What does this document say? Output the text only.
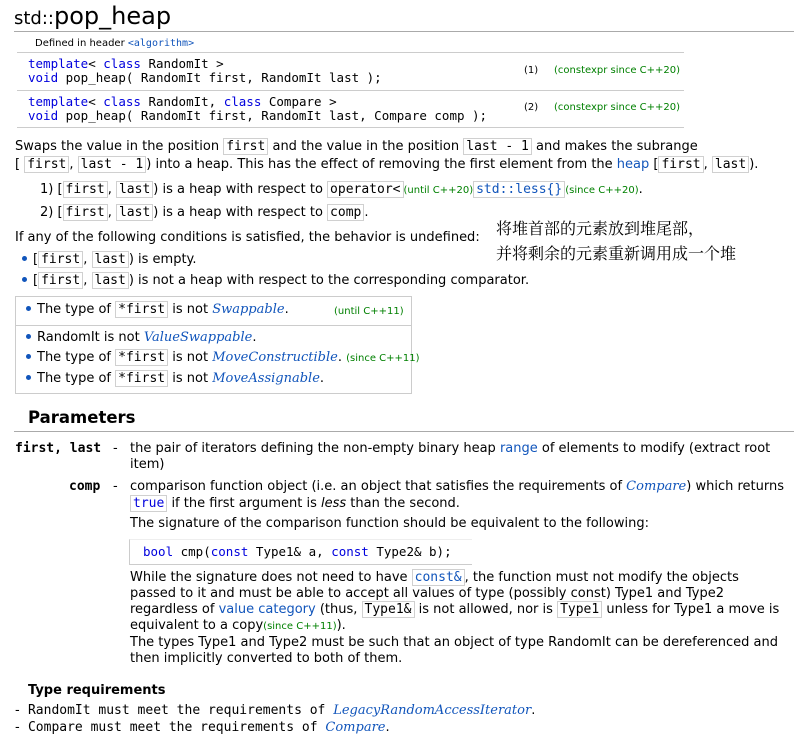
std::pop_heap
Defined in header <algorithm>
template< class RandomIt >
void pop_heap( RandomIt first, RandomIt last );	(1) (constexpr since C++20)
template< class RandomIt, class Compare >
void pop_heap( RandomIt first, RandomIt last, Compare comp );
(2) (constexpr since C++20)
Swaps the value in the position first and the value in the position last - 1 and makes the subrange
[ first , last - 1 ) into a heap. This has the effect of removing the first element from the heap [ first , last ).
1) [ first , last ) is a heap with respect to operator< (until C++20) std::less{} (since C++20).
2) [ first , last ) is a heap with respect to comp .
If any of the following conditions is satisfied, the behavior is undefined:
[ first , last ) is empty.
[ first , last ) is not a heap with respect to the corresponding comparator.
The type of *first is not Swappable.	(until C++11)
RandomIt is not ValueSwappable.
The type of *first is not MoveConstructible. (since C++11)
The type of *first is not MoveAssignable.
将堆首部的元素放到堆尾部，
并将剩余的元素重新调用成一个堆
Parameters
first, last - the pair of iterators defining the non-empty binary heap range of elements to modify (extract root
item)
comp - comparison function object (i.e. an object that satisfies the requirements of Compare) which returns
true if the first argument is less than the second.
The signature of the comparison function should be equivalent to the following:
bool cmp(const Type1& a, const Type2& b);
While the signature does not need to have const& , the function must not modify the objects
passed to it and must be able to accept all values of type (possibly const) Type1 and Type2
regardless of value category (thus, Type1& is not allowed, nor is Type1 unless for Type1 a move is
equivalent to a copy(since C++11)).
The types Type1 and Type2 must be such that an object of type RandomIt can be dereferenced and
then implicitly converted to both of them.
Type requirements
- RandomIt must meet the requirements of LegacyRandomAccessIterator.
- Compare must meet the requirements of Compare.
